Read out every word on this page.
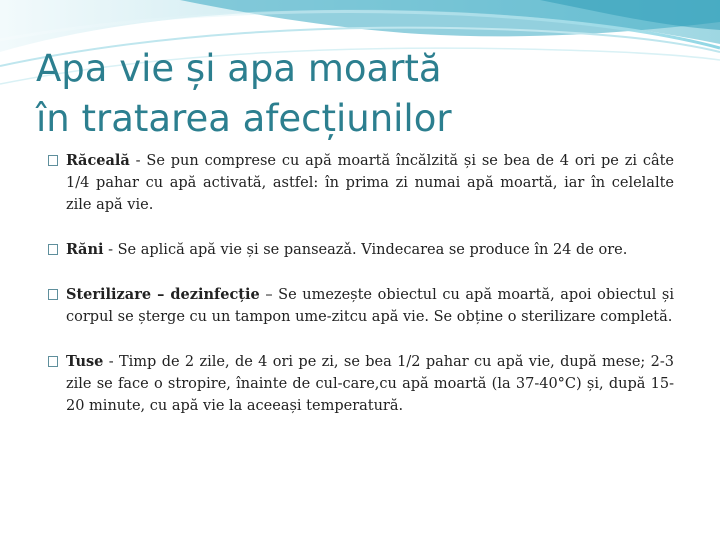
Apa vie și apa moartă
în tratarea afecțiunilor
Răceală - Se pun comprese cu apă moartă încălzită și se bea de 4 ori pe zi câte 1/4 pahar cu apă activată, astfel: în prima zi numai apă moartă, iar în celelalte zile apă vie.
Răni - Se aplică apă vie și se panseazǎ. Vindecarea se produce în 24 de ore.
Sterilizare – dezinfecție – Se umezește obiectul cu apă moartă, apoi obiectul și corpul se șterge cu un tampon ume-zitcu apă vie. Se obține o sterilizare completă.
Tuse - Timp de 2 zile, de 4 ori pe zi, se bea 1/2 pahar cu apă vie, după mese; 2-3 zile se face o stropire, înainte de cul-care,cu apă moartă (la 37-40°C) și, după 15-20 minute, cu apă vie la aceeași temperatură.
